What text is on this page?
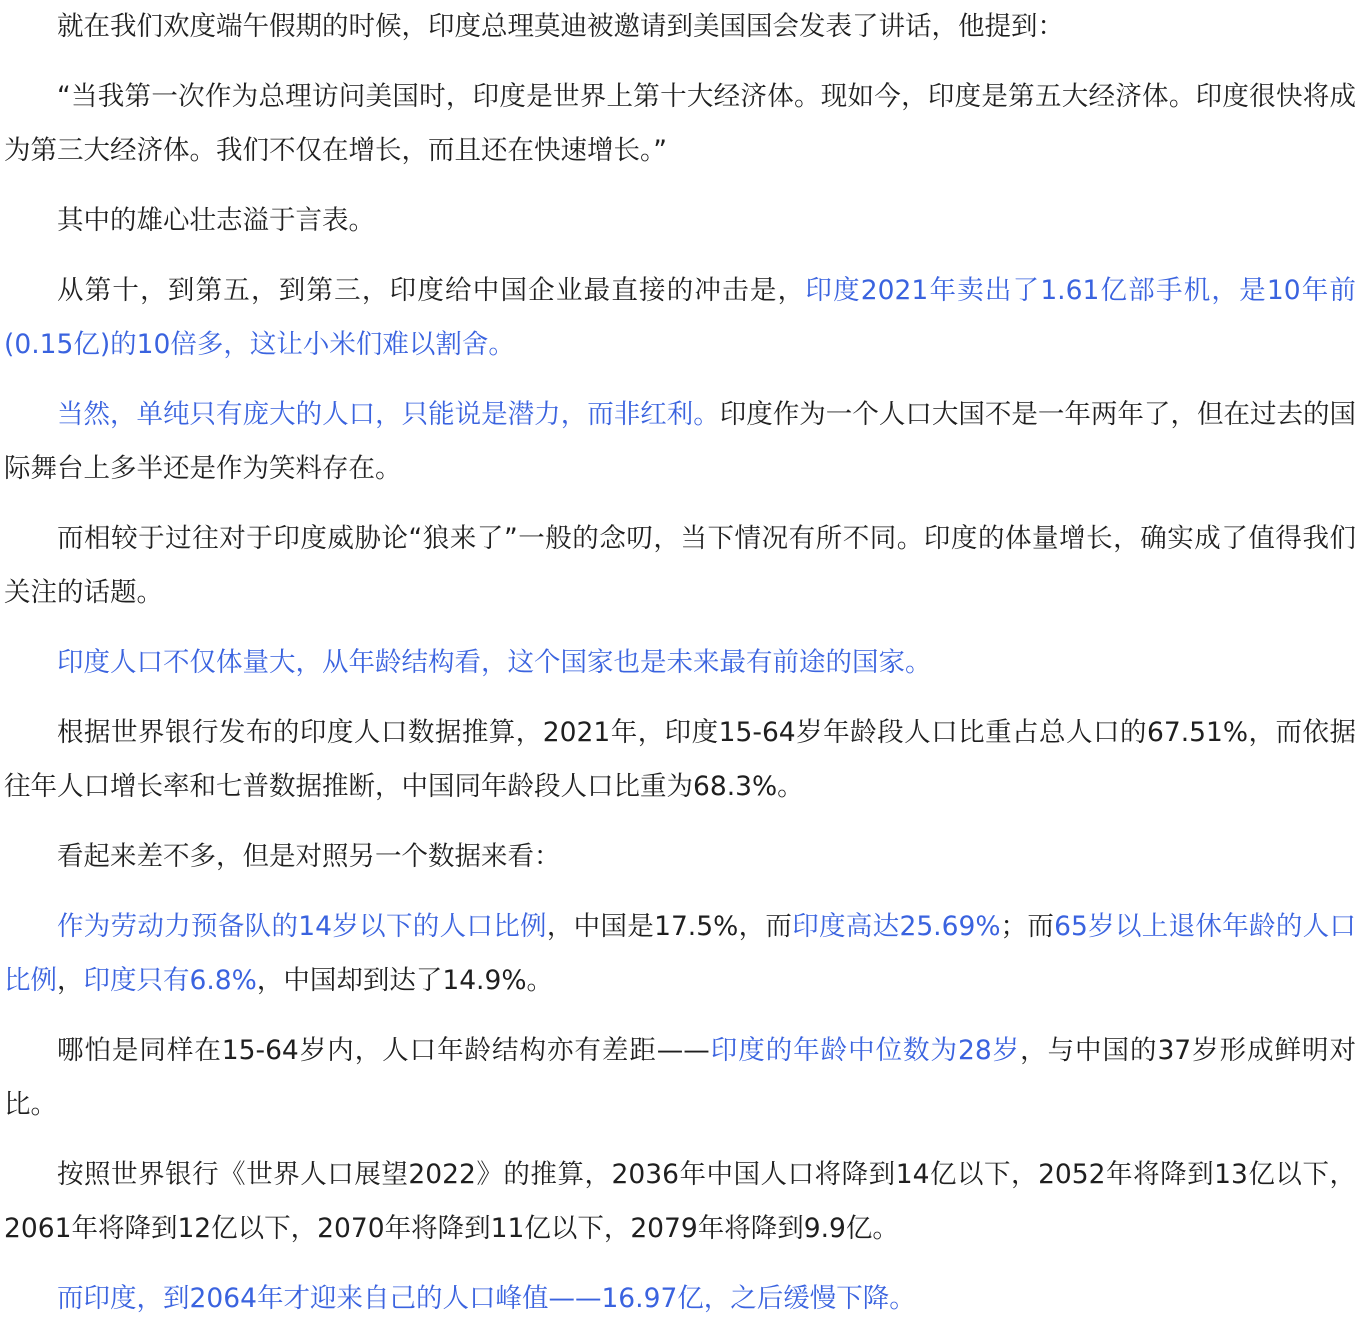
就在我们欢度端午假期的时候，印度总理莫迪被邀请到美国国会发表了讲话，他提到：

“当我第一次作为总理访问美国时，印度是世界上第十大经济体。现如今，印度是第五大经济体。印度很快将成为第三大经济体。我们不仅在增长，而且还在快速增长。”

其中的雄心壮志溢于言表。

从第十，到第五，到第三，印度给中国企业最直接的冲击是，印度2021年卖出了1.61亿部手机，是10年前(0.15亿)的10倍多，这让小米们难以割舍。

当然，单纯只有庞大的人口，只能说是潜力，而非红利。印度作为一个人口大国不是一年两年了，但在过去的国际舞台上多半还是作为笑料存在。

而相较于过往对于印度威胁论“狼来了”一般的念叨，当下情况有所不同。印度的体量增长，确实成了值得我们关注的话题。

印度人口不仅体量大，从年龄结构看，这个国家也是未来最有前途的国家。

根据世界银行发布的印度人口数据推算，2021年，印度15-64岁年龄段人口比重占总人口的67.51%，而依据往年人口增长率和七普数据推断，中国同年龄段人口比重为68.3%。

看起来差不多，但是对照另一个数据来看：

作为劳动力预备队的14岁以下的人口比例，中国是17.5%，而印度高达25.69%；而65岁以上退休年龄的人口比例，印度只有6.8%，中国却到达了14.9%。

哪怕是同样在15-64岁内，人口年龄结构亦有差距——印度的年龄中位数为28岁，与中国的37岁形成鲜明对比。

按照世界银行《世界人口展望2022》的推算，2036年中国人口将降到14亿以下，2052年将降到13亿以下，2061年将降到12亿以下，2070年将降到11亿以下，2079年将降到9.9亿。

而印度，到2064年才迎来自己的人口峰值——16.97亿，之后缓慢下降。
